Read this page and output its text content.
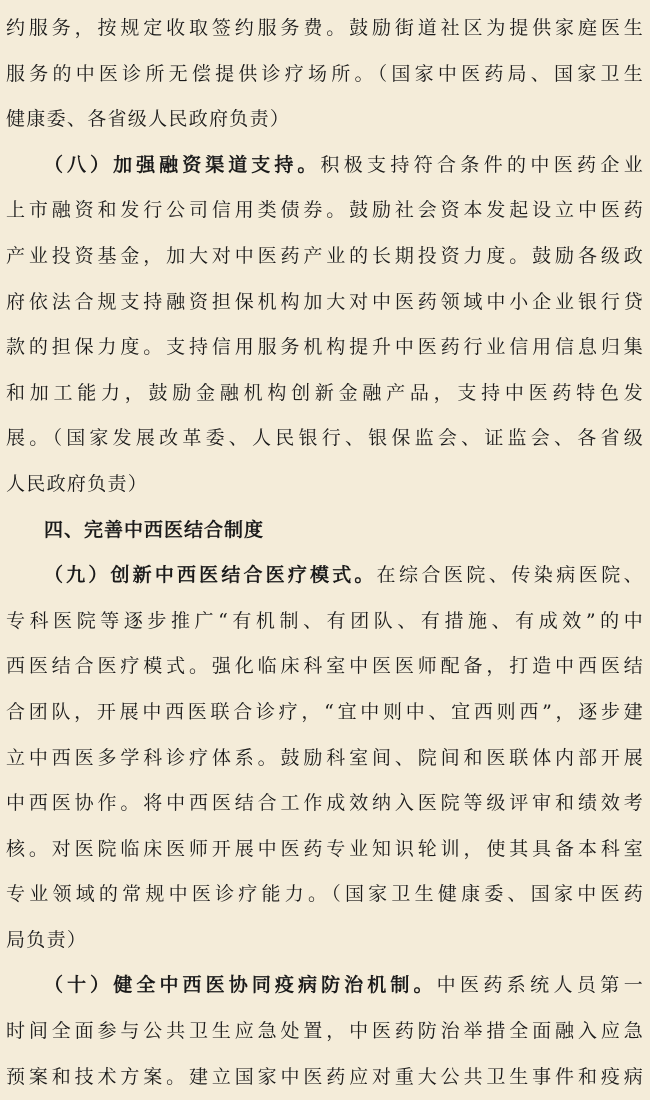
约服务，按规定收取签约服务费。鼓励街道社区为提供家庭医生
服务的中医诊所无偿提供诊疗场所。（国家中医药局、国家卫生
健康委、各省级人民政府负责）
（八）加强融资渠道支持。积极支持符合条件的中医药企业
上市融资和发行公司信用类债券。鼓励社会资本发起设立中医药
产业投资基金，加大对中医药产业的长期投资力度。鼓励各级政
府依法合规支持融资担保机构加大对中医药领域中小企业银行贷
款的担保力度。支持信用服务机构提升中医药行业信用信息归集
和加工能力，鼓励金融机构创新金融产品，支持中医药特色发
展。（国家发展改革委、人民银行、银保监会、证监会、各省级
人民政府负责）
四、完善中西医结合制度
（九）创新中西医结合医疗模式。在综合医院、传染病医院、
专科医院等逐步推广“有机制、有团队、有措施、有成效”的中
西医结合医疗模式。强化临床科室中医医师配备，打造中西医结
合团队，开展中西医联合诊疗，“宜中则中、宜西则西”，逐步建
立中西医多学科诊疗体系。鼓励科室间、院间和医联体内部开展
中西医协作。将中西医结合工作成效纳入医院等级评审和绩效考
核。对医院临床医师开展中医药专业知识轮训，使其具备本科室
专业领域的常规中医诊疗能力。（国家卫生健康委、国家中医药
局负责）
（十）健全中西医协同疫病防治机制。中医药系统人员第一
时间全面参与公共卫生应急处置，中医药防治举措全面融入应急
预案和技术方案。建立国家中医药应对重大公共卫生事件和疫病
